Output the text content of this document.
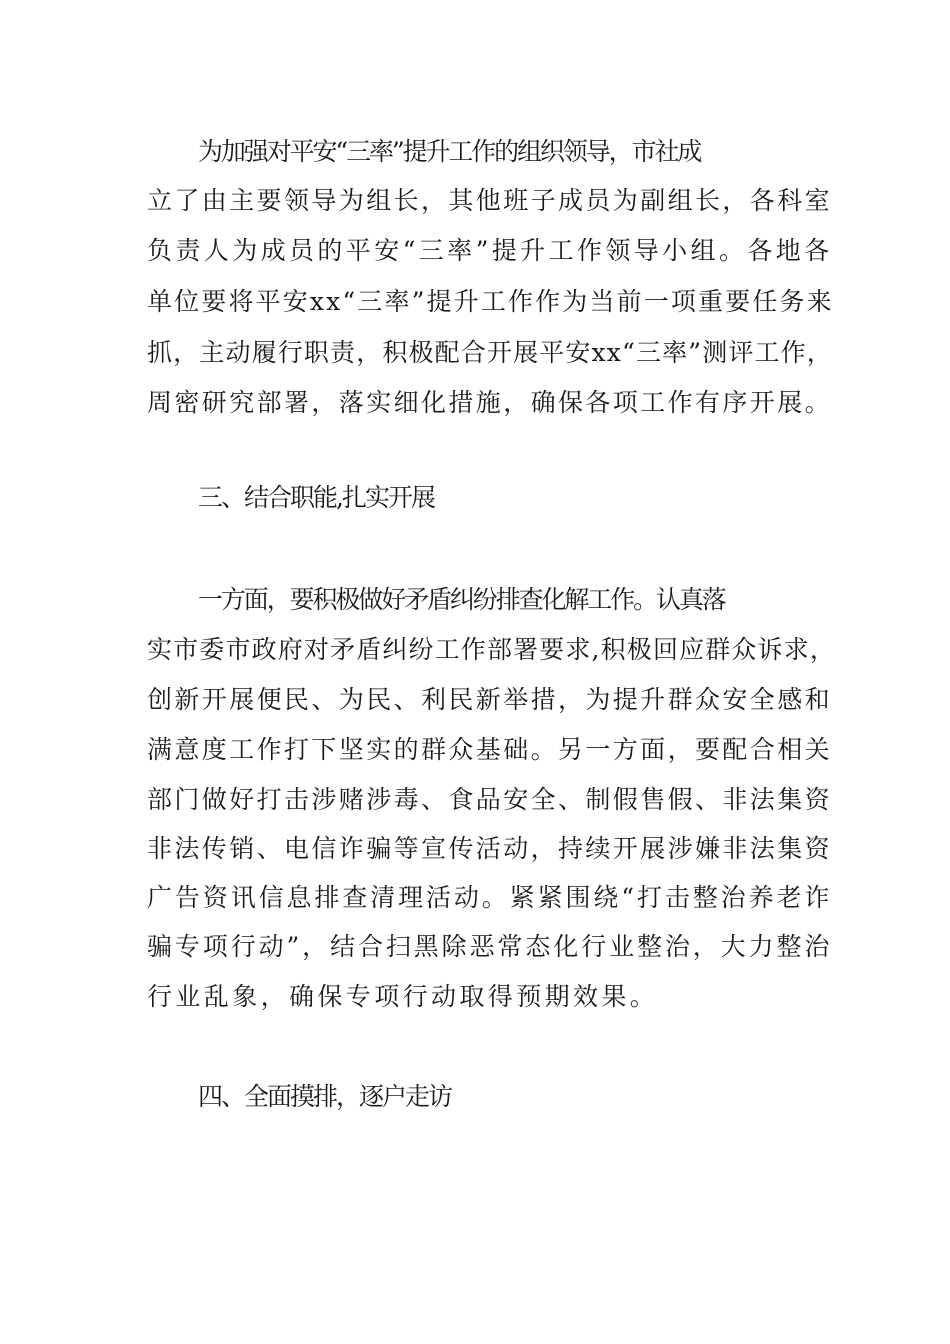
为加强对平安“三率”提升工作的组织领导，市社成
立了由主要领导为组长，其他班子成员为副组长，各科室
负责人为成员的平安“三率”提升工作领导小组。各地各
单位要将平安xx“三率”提升工作作为当前一项重要任务来
抓，主动履行职责，积极配合开展平安xx“三率”测评工作，
周密研究部署，落实细化措施，确保各项工作有序开展。
三、结合职能,扎实开展
一方面，要积极做好矛盾纠纷排查化解工作。认真落
实市委市政府对矛盾纠纷工作部署要求,积极回应群众诉求，
创新开展便民、为民、利民新举措，为提升群众安全感和
满意度工作打下坚实的群众基础。另一方面，要配合相关
部门做好打击涉赌涉毒、食品安全、制假售假、非法集资
非法传销、电信诈骗等宣传活动，持续开展涉嫌非法集资
广告资讯信息排查清理活动。紧紧围绕“打击整治养老诈
骗专项行动”，结合扫黑除恶常态化行业整治，大力整治
行业乱象，确保专项行动取得预期效果。
四、全面摸排，逐户走访
